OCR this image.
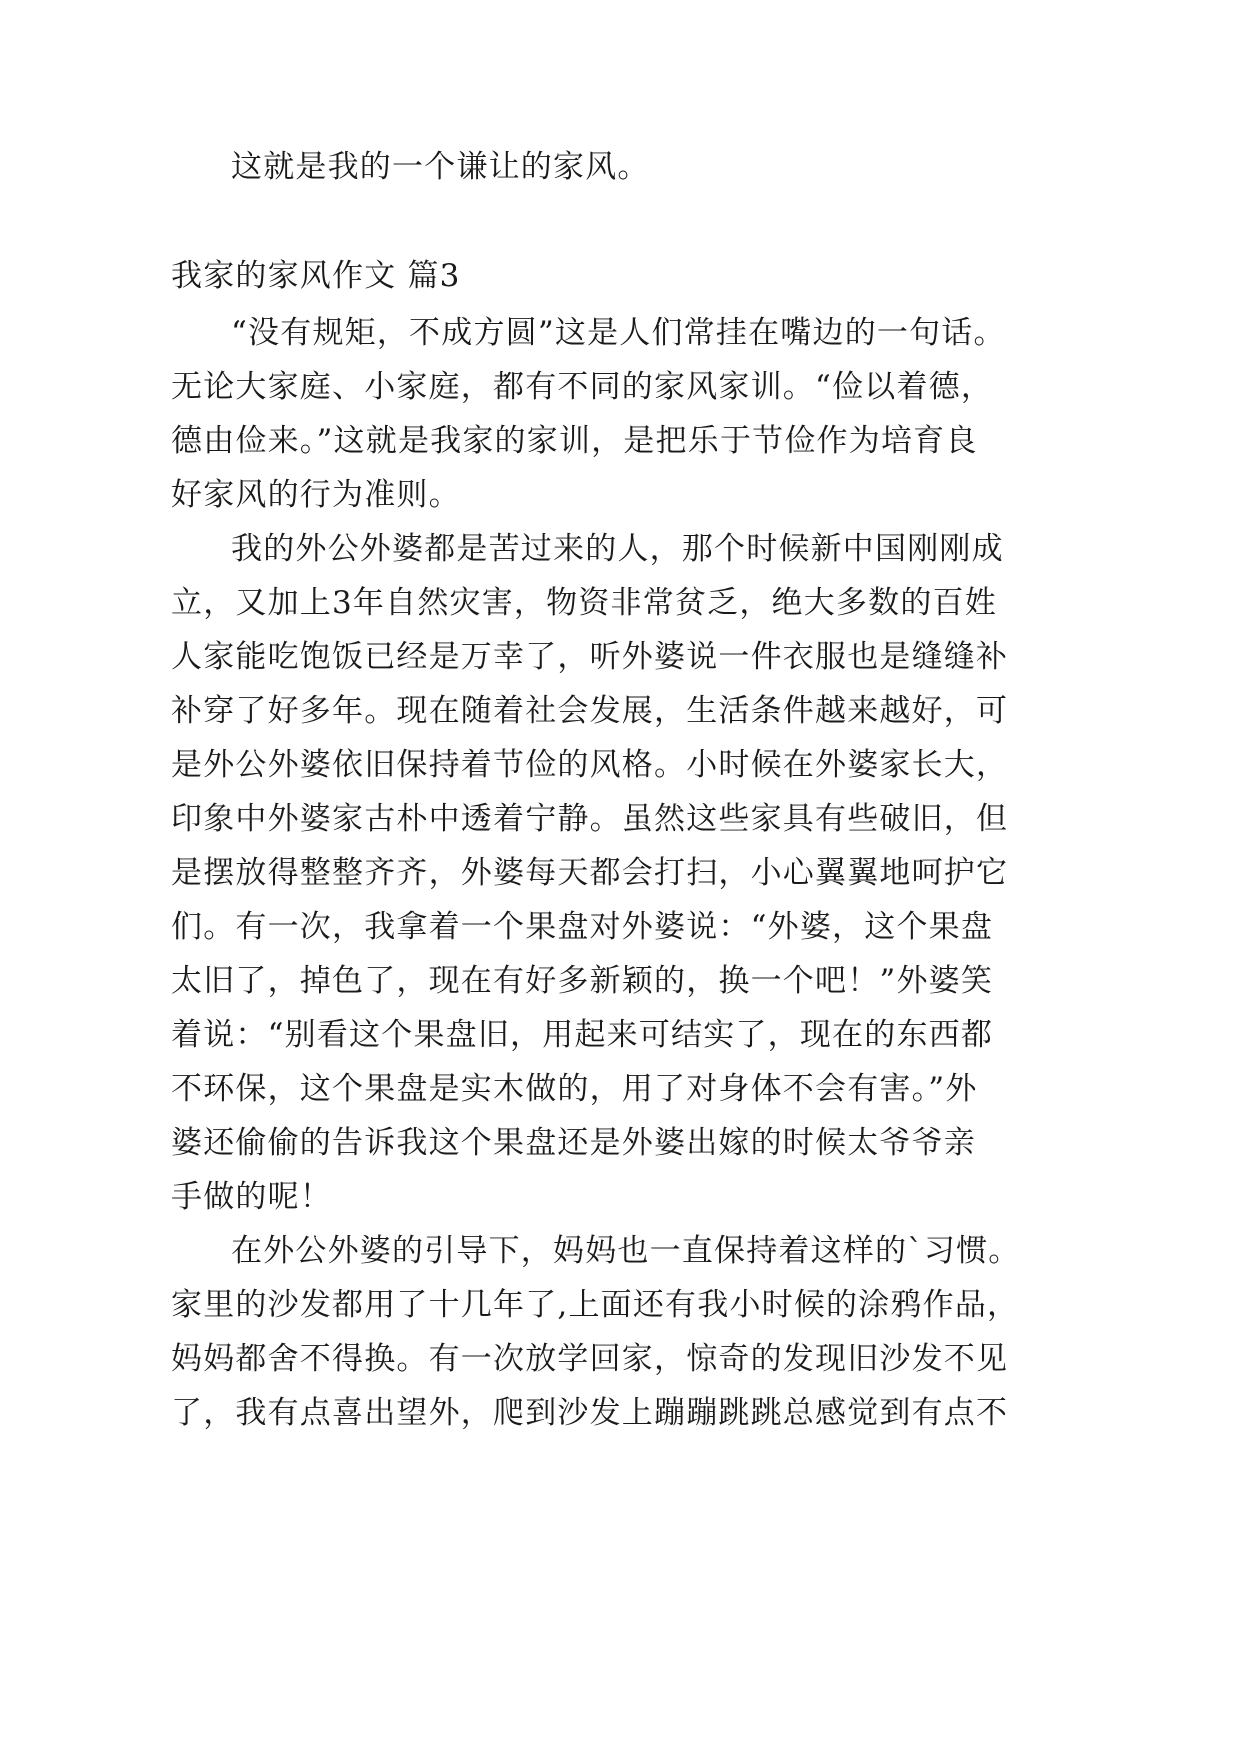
这就是我的一个谦让的家风。
我家的家风作文 篇3
“没有规矩，不成方圆”这是人们常挂在嘴边的一句话。
无论大家庭、小家庭，都有不同的家风家训。“俭以着德，
德由俭来。”这就是我家的家训，是把乐于节俭作为培育良
好家风的行为准则。
我的外公外婆都是苦过来的人，那个时候新中国刚刚成
立，又加上3年自然灾害，物资非常贫乏，绝大多数的百姓
人家能吃饱饭已经是万幸了，听外婆说一件衣服也是缝缝补
补穿了好多年。现在随着社会发展，生活条件越来越好，可
是外公外婆依旧保持着节俭的风格。小时候在外婆家长大，
印象中外婆家古朴中透着宁静。虽然这些家具有些破旧，但
是摆放得整整齐齐，外婆每天都会打扫，小心翼翼地呵护它
们。有一次，我拿着一个果盘对外婆说：“外婆，这个果盘
太旧了，掉色了，现在有好多新颖的，换一个吧！”外婆笑
着说：“别看这个果盘旧，用起来可结实了，现在的东西都
不环保，这个果盘是实木做的，用了对身体不会有害。”外
婆还偷偷的告诉我这个果盘还是外婆出嫁的时候太爷爷亲
手做的呢！
在外公外婆的引导下，妈妈也一直保持着这样的`习惯。
家里的沙发都用了十几年了,上面还有我小时候的涂鸦作品，
妈妈都舍不得换。有一次放学回家，惊奇的发现旧沙发不见
了，我有点喜出望外，爬到沙发上蹦蹦跳跳总感觉到有点不
